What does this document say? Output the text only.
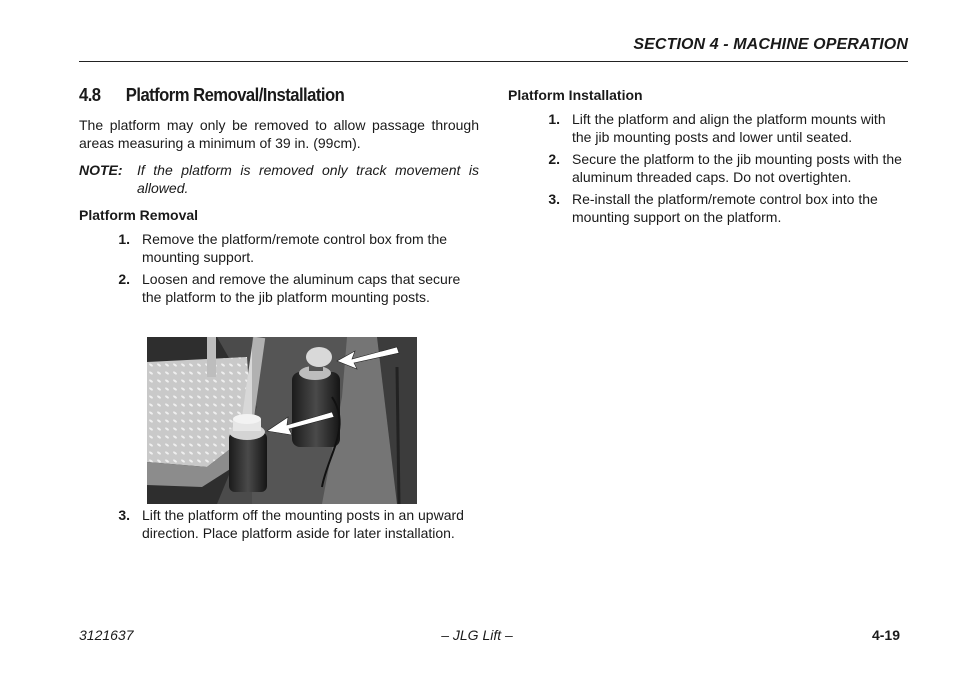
SECTION 4 - MACHINE OPERATION
4.8	Platform Removal/Installation

The platform may only be removed to allow passage through areas measuring a minimum of 39 in. (99cm).

NOTE:	If the platform is removed only track movement is allowed.
Platform Removal
1. Remove the platform/remote control box from the mounting support.
2. Loosen and remove the aluminum caps that secure the platform to the jib platform mounting posts.
3. Lift the platform off the mounting posts in an upward direction. Place platform aside for later installation.
Platform Installation
1. Lift the platform and align the platform mounts with the jib mounting posts and lower until seated.
2. Secure the platform to the jib mounting posts with the aluminum threaded caps. Do not overtighten.
3. Re-install the platform/remote control box into the mounting support on the platform.
3121637	– JLG Lift –	4-19
